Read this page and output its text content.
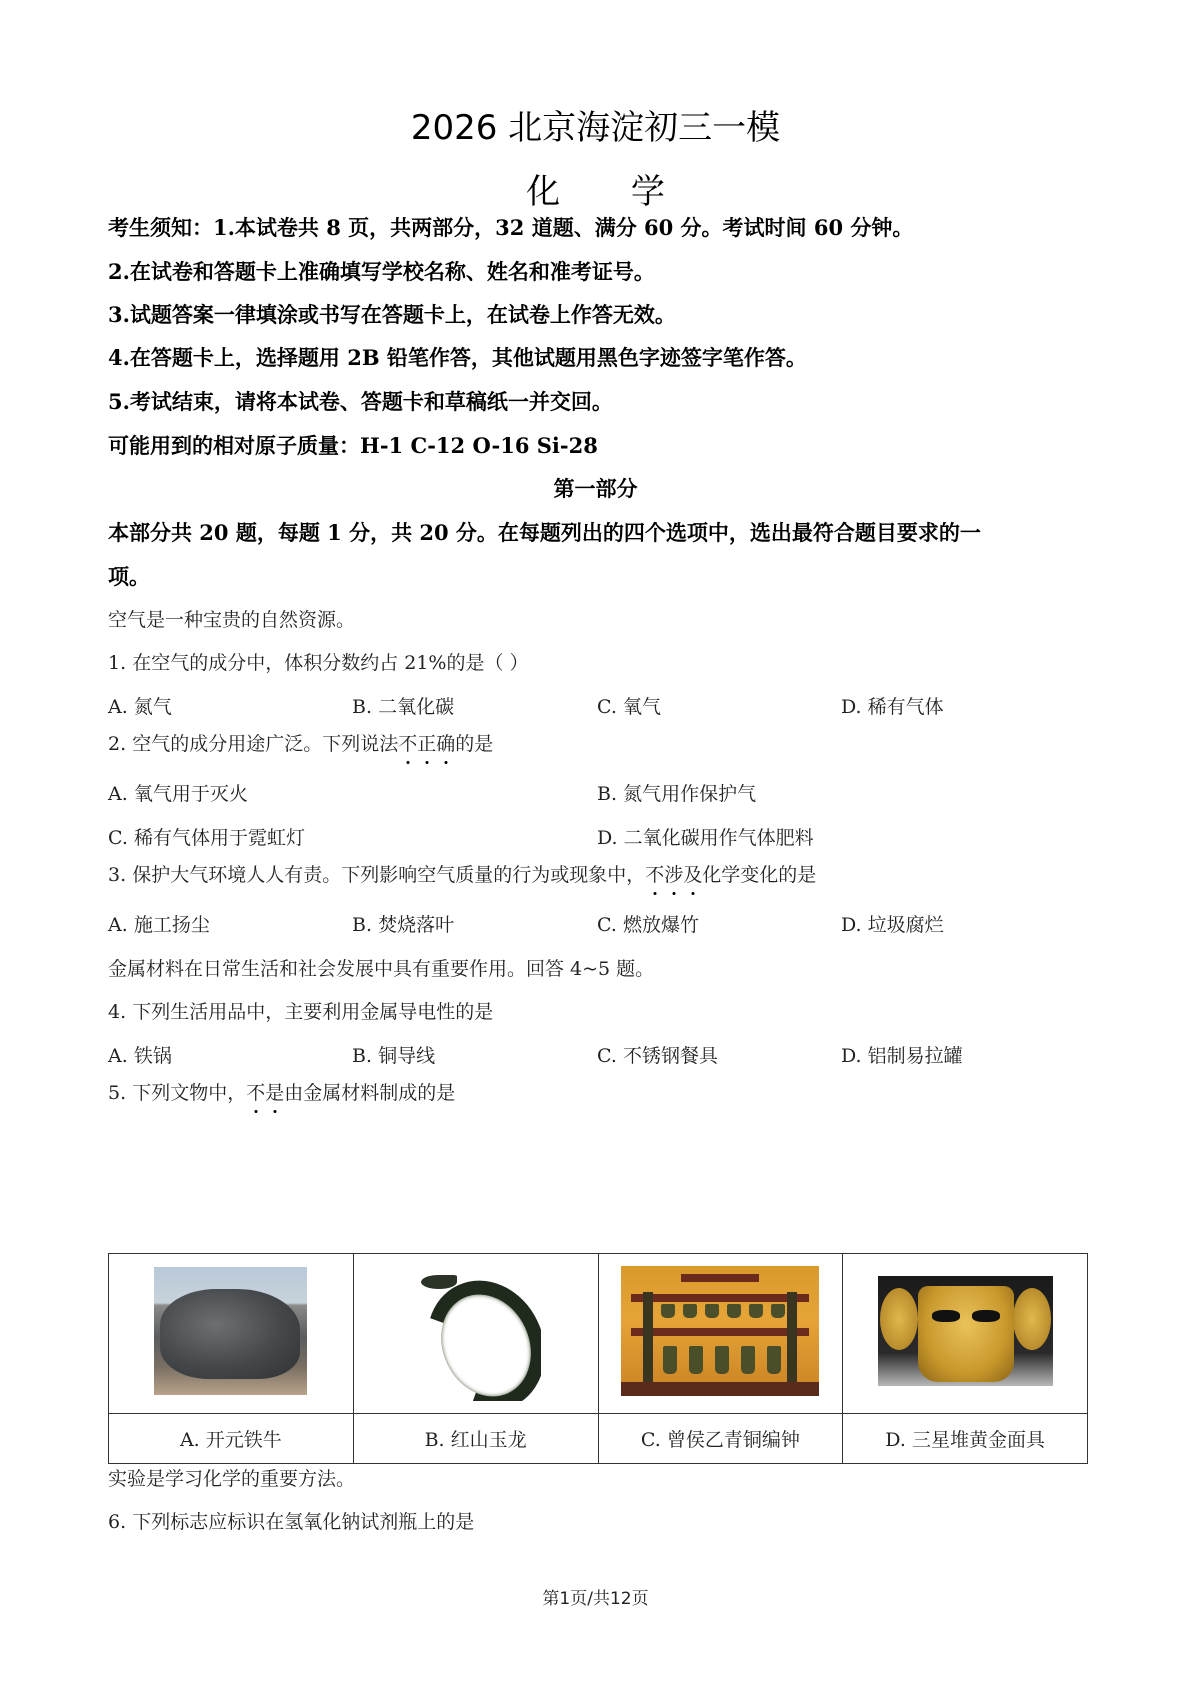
2026 北京海淀初三一模
化 学
考生须知：1.本试卷共 8 页，共两部分，32 道题、满分 60 分。考试时间 60 分钟。
2.在试卷和答题卡上准确填写学校名称、姓名和准考证号。
3.试题答案一律填涂或书写在答题卡上，在试卷上作答无效。
4.在答题卡上，选择题用 2B 铅笔作答，其他试题用黑色字迹签字笔作答。
5.考试结束，请将本试卷、答题卡和草稿纸一并交回。
可能用到的相对原子质量：H-1 C-12 O-16 Si-28
第一部分
本部分共 20 题，每题 1 分，共 20 分。在每题列出的四个选项中，选出最符合题目要求的一
项。
空气是一种宝贵的自然资源。
1. 在空气的成分中，体积分数约占 21%的是（ ）
A. 氮气	B. 二氧化碳	C. 氧气	D. 稀有气体
2. 空气的成分用途广泛。下列说法不正确的是
A. 氧气用于灭火	B. 氮气用作保护气
C. 稀有气体用于霓虹灯	D. 二氧化碳用作气体肥料
3. 保护大气环境人人有责。下列影响空气质量的行为或现象中，不涉及化学变化的是
A. 施工扬尘	B. 焚烧落叶	C. 燃放爆竹	D. 垃圾腐烂
金属材料在日常生活和社会发展中具有重要作用。回答 4~5 题。
4. 下列生活用品中，主要利用金属导电性的是
A. 铁锅	B. 铜导线	C. 不锈钢餐具	D. 铝制易拉罐
5. 下列文物中，不是由金属材料制成的是

A. 开元铁牛	B. 红山玉龙	C. 曾侯乙青铜编钟	D. 三星堆黄金面具
实验是学习化学的重要方法。
6. 下列标志应标识在氢氧化钠试剂瓶上的是
第1页/共12页
